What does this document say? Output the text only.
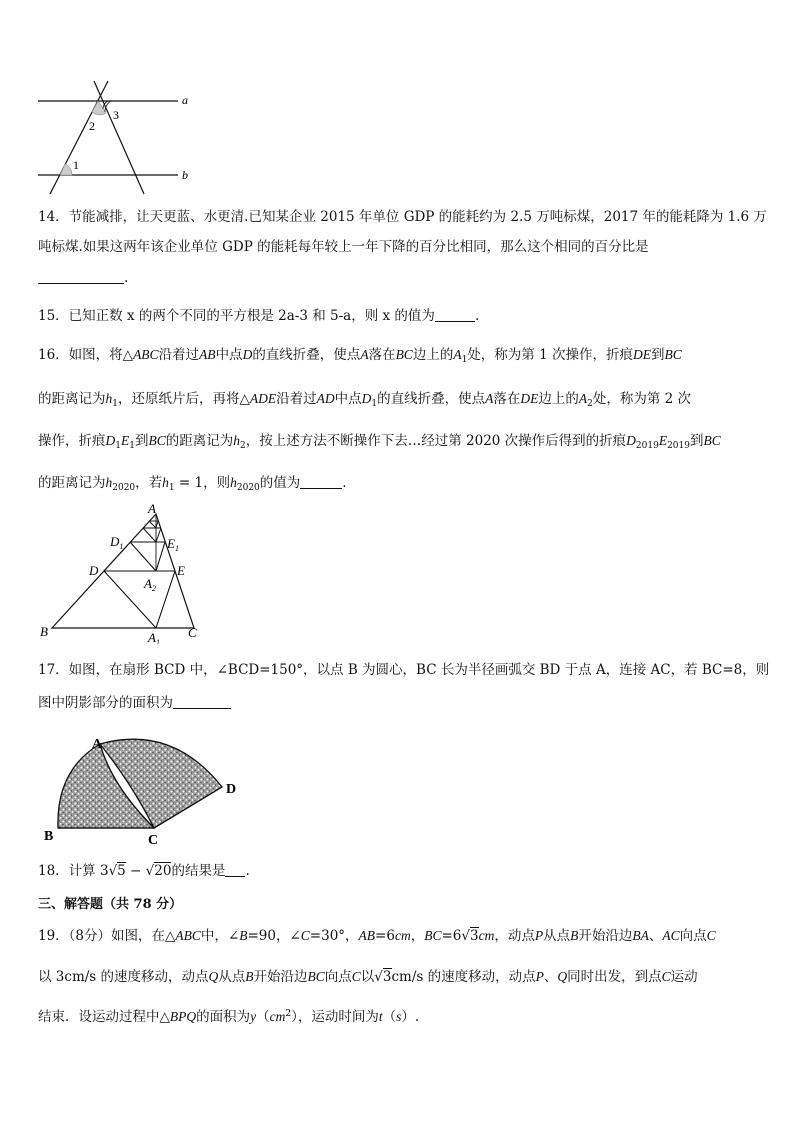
a
b
2
3
1
14．节能减排，让天更蓝、水更清.已知某企业 2015 年单位 GDP 的能耗约为 2.5 万吨标煤，2017 年的能耗降为 1.6 万
吨标煤.如果这两年该企业单位 GDP 的能耗每年较上一年下降的百分比相同，那么这个相同的百分比是
.
15．已知正数 x 的两个不同的平方根是 2a-3 和 5-a，则 x 的值为	.
16．如图，将△ABC沿着过AB中点D的直线折叠，使点A落在BC边上的$A_1$处，称为第 1 次操作，折痕DE到BC
的距离记为$h_1$，还原纸片后，再将△ADE沿着过AD中点$D_1$的直线折叠，使点A落在DE边上的$A_2$处，称为第 2 次
操作，折痕$D_1E_1$到BC的距离记为$h_2$，按上述方法不断操作下去…经过第 2020 次操作后得到的折痕$D_{2019}E_{2019}$到BC
的距离记为$h_{2020}$，若$h_1 = 1$，则$h_{2020}$的值为	.
A
$D_1$	$E_1$
D	E
$A_2$
B	$A_1$
C
17．如图，在扇形 BCD 中，∠BCD=150°，以点 B 为圆心，BC 长为半径画弧交 BD 于点 A，连接 AC，若 BC=8，则
图中阴影部分的面积为
A
B	C
D
18．计算 3√5 − √20的结果是 .
三、解答题（共 78 分）
19．（8分）如图，在△ABC中，∠B=90，∠C=30°，AB=6cm，BC=6√3cm，动点P从点B开始沿边BA、AC向点C
以 3cm/s 的速度移动，动点Q从点B开始沿边BC向点C以√3cm/s 的速度移动，动点P、Q同时出发，到点C运动
结束．设运动过程中△BPQ的面积为$y(cm^2)$，运动时间为t（s）.
